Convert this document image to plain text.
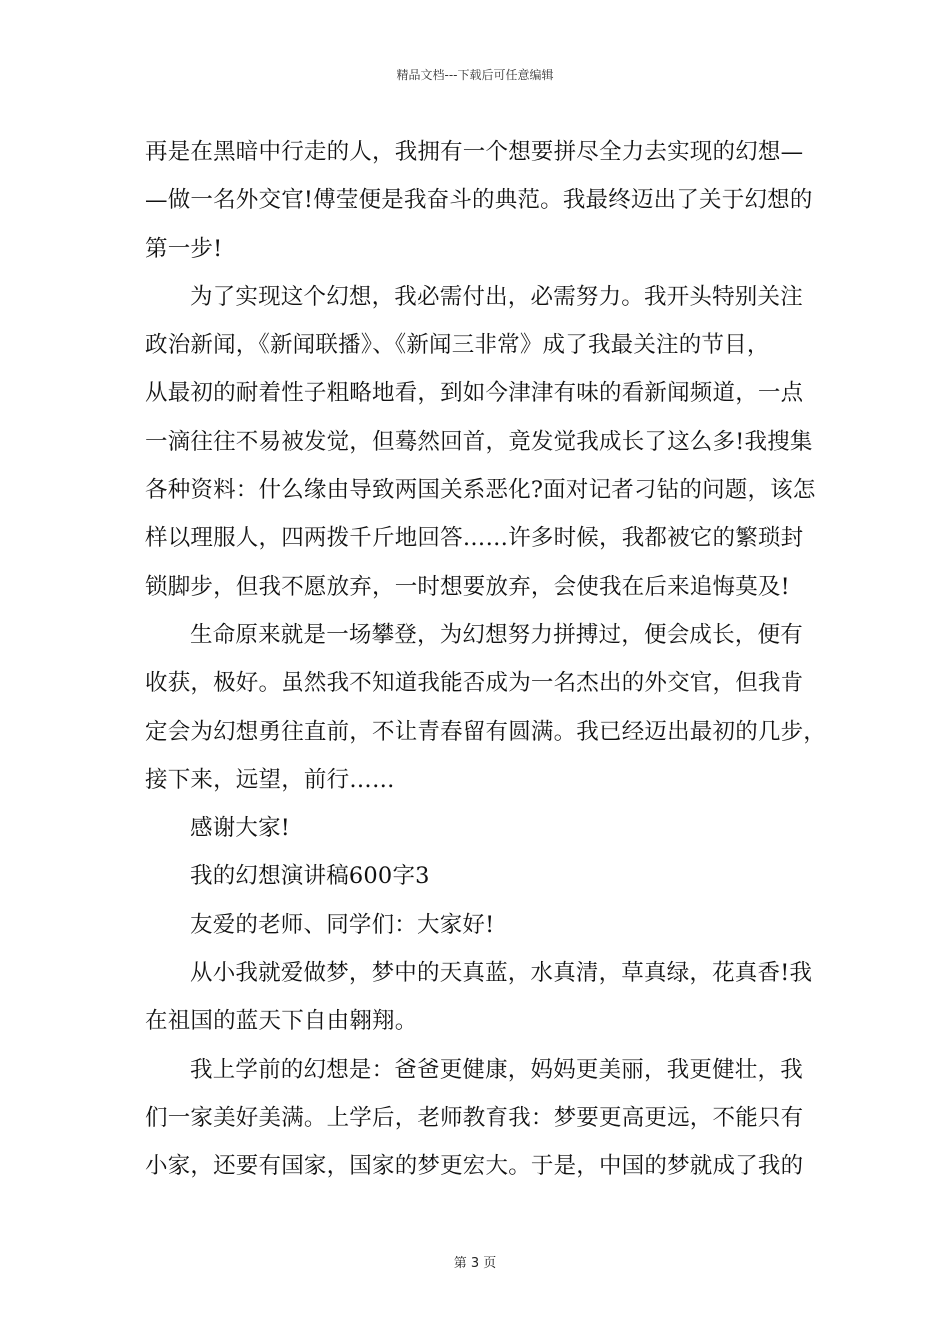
精品文档---下载后可任意编辑
再是在黑暗中行走的人，我拥有一个想要拼尽全力去实现的幻想—
—做一名外交官!傅莹便是我奋斗的典范。我最终迈出了关于幻想的
第一步!
为了实现这个幻想，我必需付出，必需努力。我开头特别关注
政治新闻，《新闻联播》、《新闻三非常》成了我最关注的节目，
从最初的耐着性子粗略地看，到如今津津有味的看新闻频道，一点
一滴往往不易被发觉，但蓦然回首，竟发觉我成长了这么多!我搜集
各种资料：什么缘由导致两国关系恶化?面对记者刁钻的问题，该怎
样以理服人，四两拨千斤地回答……许多时候，我都被它的繁琐封
锁脚步，但我不愿放弃，一时想要放弃，会使我在后来追悔莫及!
生命原来就是一场攀登，为幻想努力拼搏过，便会成长，便有
收获，极好。虽然我不知道我能否成为一名杰出的外交官，但我肯
定会为幻想勇往直前，不让青春留有圆满。我已经迈出最初的几步，
接下来，远望，前行……
感谢大家!
我的幻想演讲稿600字3
友爱的老师、同学们：大家好!
从小我就爱做梦，梦中的天真蓝，水真清，草真绿，花真香!我
在祖国的蓝天下自由翱翔。
我上学前的幻想是：爸爸更健康，妈妈更美丽，我更健壮，我
们一家美好美满。上学后，老师教育我：梦要更高更远，不能只有
小家，还要有国家，国家的梦更宏大。于是，中国的梦就成了我的
第 3 页
